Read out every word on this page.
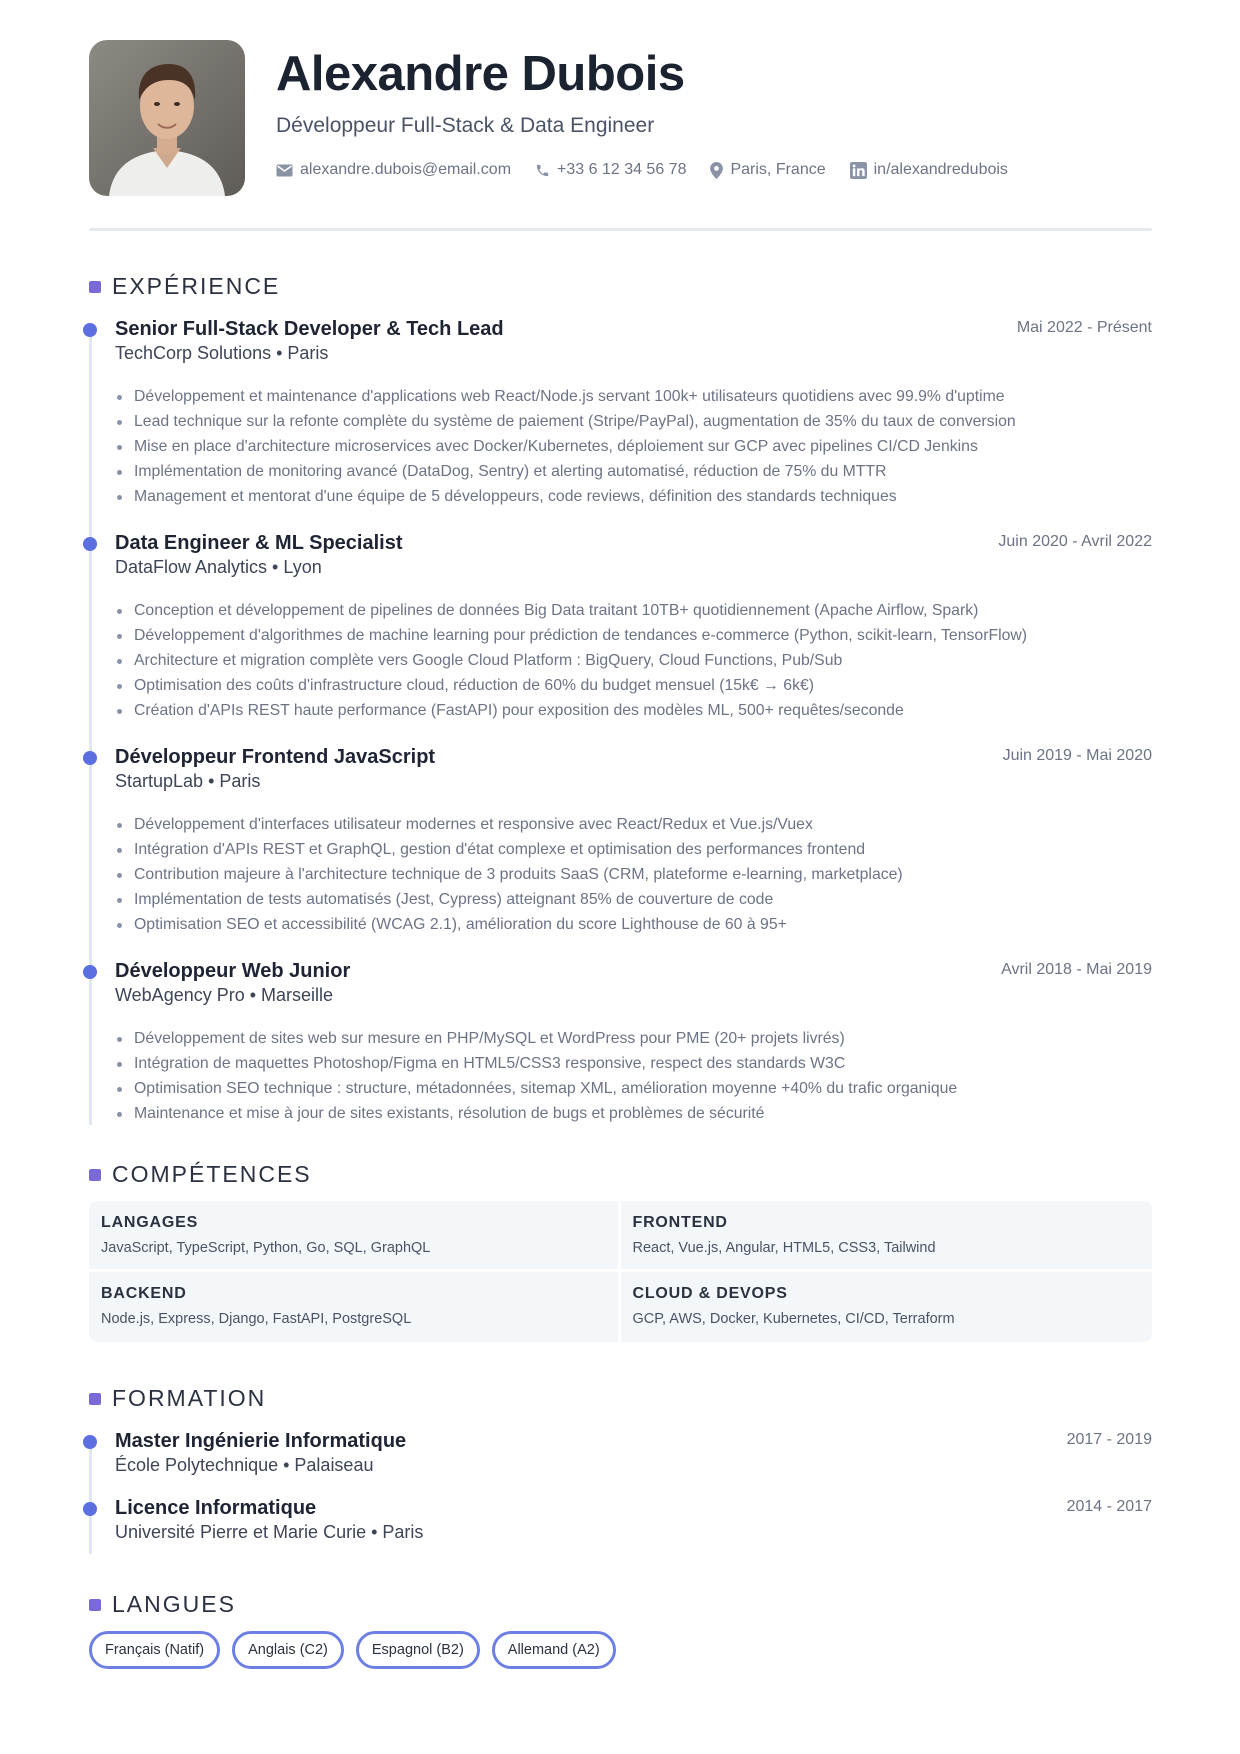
Alexandre Dubois
Développeur Full-Stack & Data Engineer
alexandre.dubois@email.com	+33 6 12 34 56 78	Paris, France	in/alexandredubois
EXPÉRIENCE
Senior Full-Stack Developer & Tech Lead
TechCorp Solutions • Paris
Mai 2022 - Présent
Développement et maintenance d'applications web React/Node.js servant 100k+ utilisateurs quotidiens avec 99.9% d'uptime
Lead technique sur la refonte complète du système de paiement (Stripe/PayPal), augmentation de 35% du taux de conversion
Mise en place d'architecture microservices avec Docker/Kubernetes, déploiement sur GCP avec pipelines CI/CD Jenkins
Implémentation de monitoring avancé (DataDog, Sentry) et alerting automatisé, réduction de 75% du MTTR
Management et mentorat d'une équipe de 5 développeurs, code reviews, définition des standards techniques
Data Engineer & ML Specialist
DataFlow Analytics • Lyon
Juin 2020 - Avril 2022
Conception et développement de pipelines de données Big Data traitant 10TB+ quotidiennement (Apache Airflow, Spark)
Développement d'algorithmes de machine learning pour prédiction de tendances e-commerce (Python, scikit-learn, TensorFlow)
Architecture et migration complète vers Google Cloud Platform : BigQuery, Cloud Functions, Pub/Sub
Optimisation des coûts d'infrastructure cloud, réduction de 60% du budget mensuel (15k€ → 6k€)
Création d'APIs REST haute performance (FastAPI) pour exposition des modèles ML, 500+ requêtes/seconde
Développeur Frontend JavaScript
StartupLab • Paris
Juin 2019 - Mai 2020
Développement d'interfaces utilisateur modernes et responsive avec React/Redux et Vue.js/Vuex
Intégration d'APIs REST et GraphQL, gestion d'état complexe et optimisation des performances frontend
Contribution majeure à l'architecture technique de 3 produits SaaS (CRM, plateforme e-learning, marketplace)
Implémentation de tests automatisés (Jest, Cypress) atteignant 85% de couverture de code
Optimisation SEO et accessibilité (WCAG 2.1), amélioration du score Lighthouse de 60 à 95+
Développeur Web Junior
WebAgency Pro • Marseille
Avril 2018 - Mai 2019
Développement de sites web sur mesure en PHP/MySQL et WordPress pour PME (20+ projets livrés)
Intégration de maquettes Photoshop/Figma en HTML5/CSS3 responsive, respect des standards W3C
Optimisation SEO technique : structure, métadonnées, sitemap XML, amélioration moyenne +40% du trafic organique
Maintenance et mise à jour de sites existants, résolution de bugs et problèmes de sécurité
COMPÉTENCES
LANGAGES
JavaScript, TypeScript, Python, Go, SQL, GraphQL
FRONTEND
React, Vue.js, Angular, HTML5, CSS3, Tailwind
BACKEND
Node.js, Express, Django, FastAPI, PostgreSQL
CLOUD & DEVOPS
GCP, AWS, Docker, Kubernetes, CI/CD, Terraform
FORMATION
Master Ingénierie Informatique
École Polytechnique • Palaiseau
2017 - 2019
Licence Informatique
Université Pierre et Marie Curie • Paris
2014 - 2017
LANGUES
Français (Natif)	Anglais (C2)	Espagnol (B2)	Allemand (A2)
